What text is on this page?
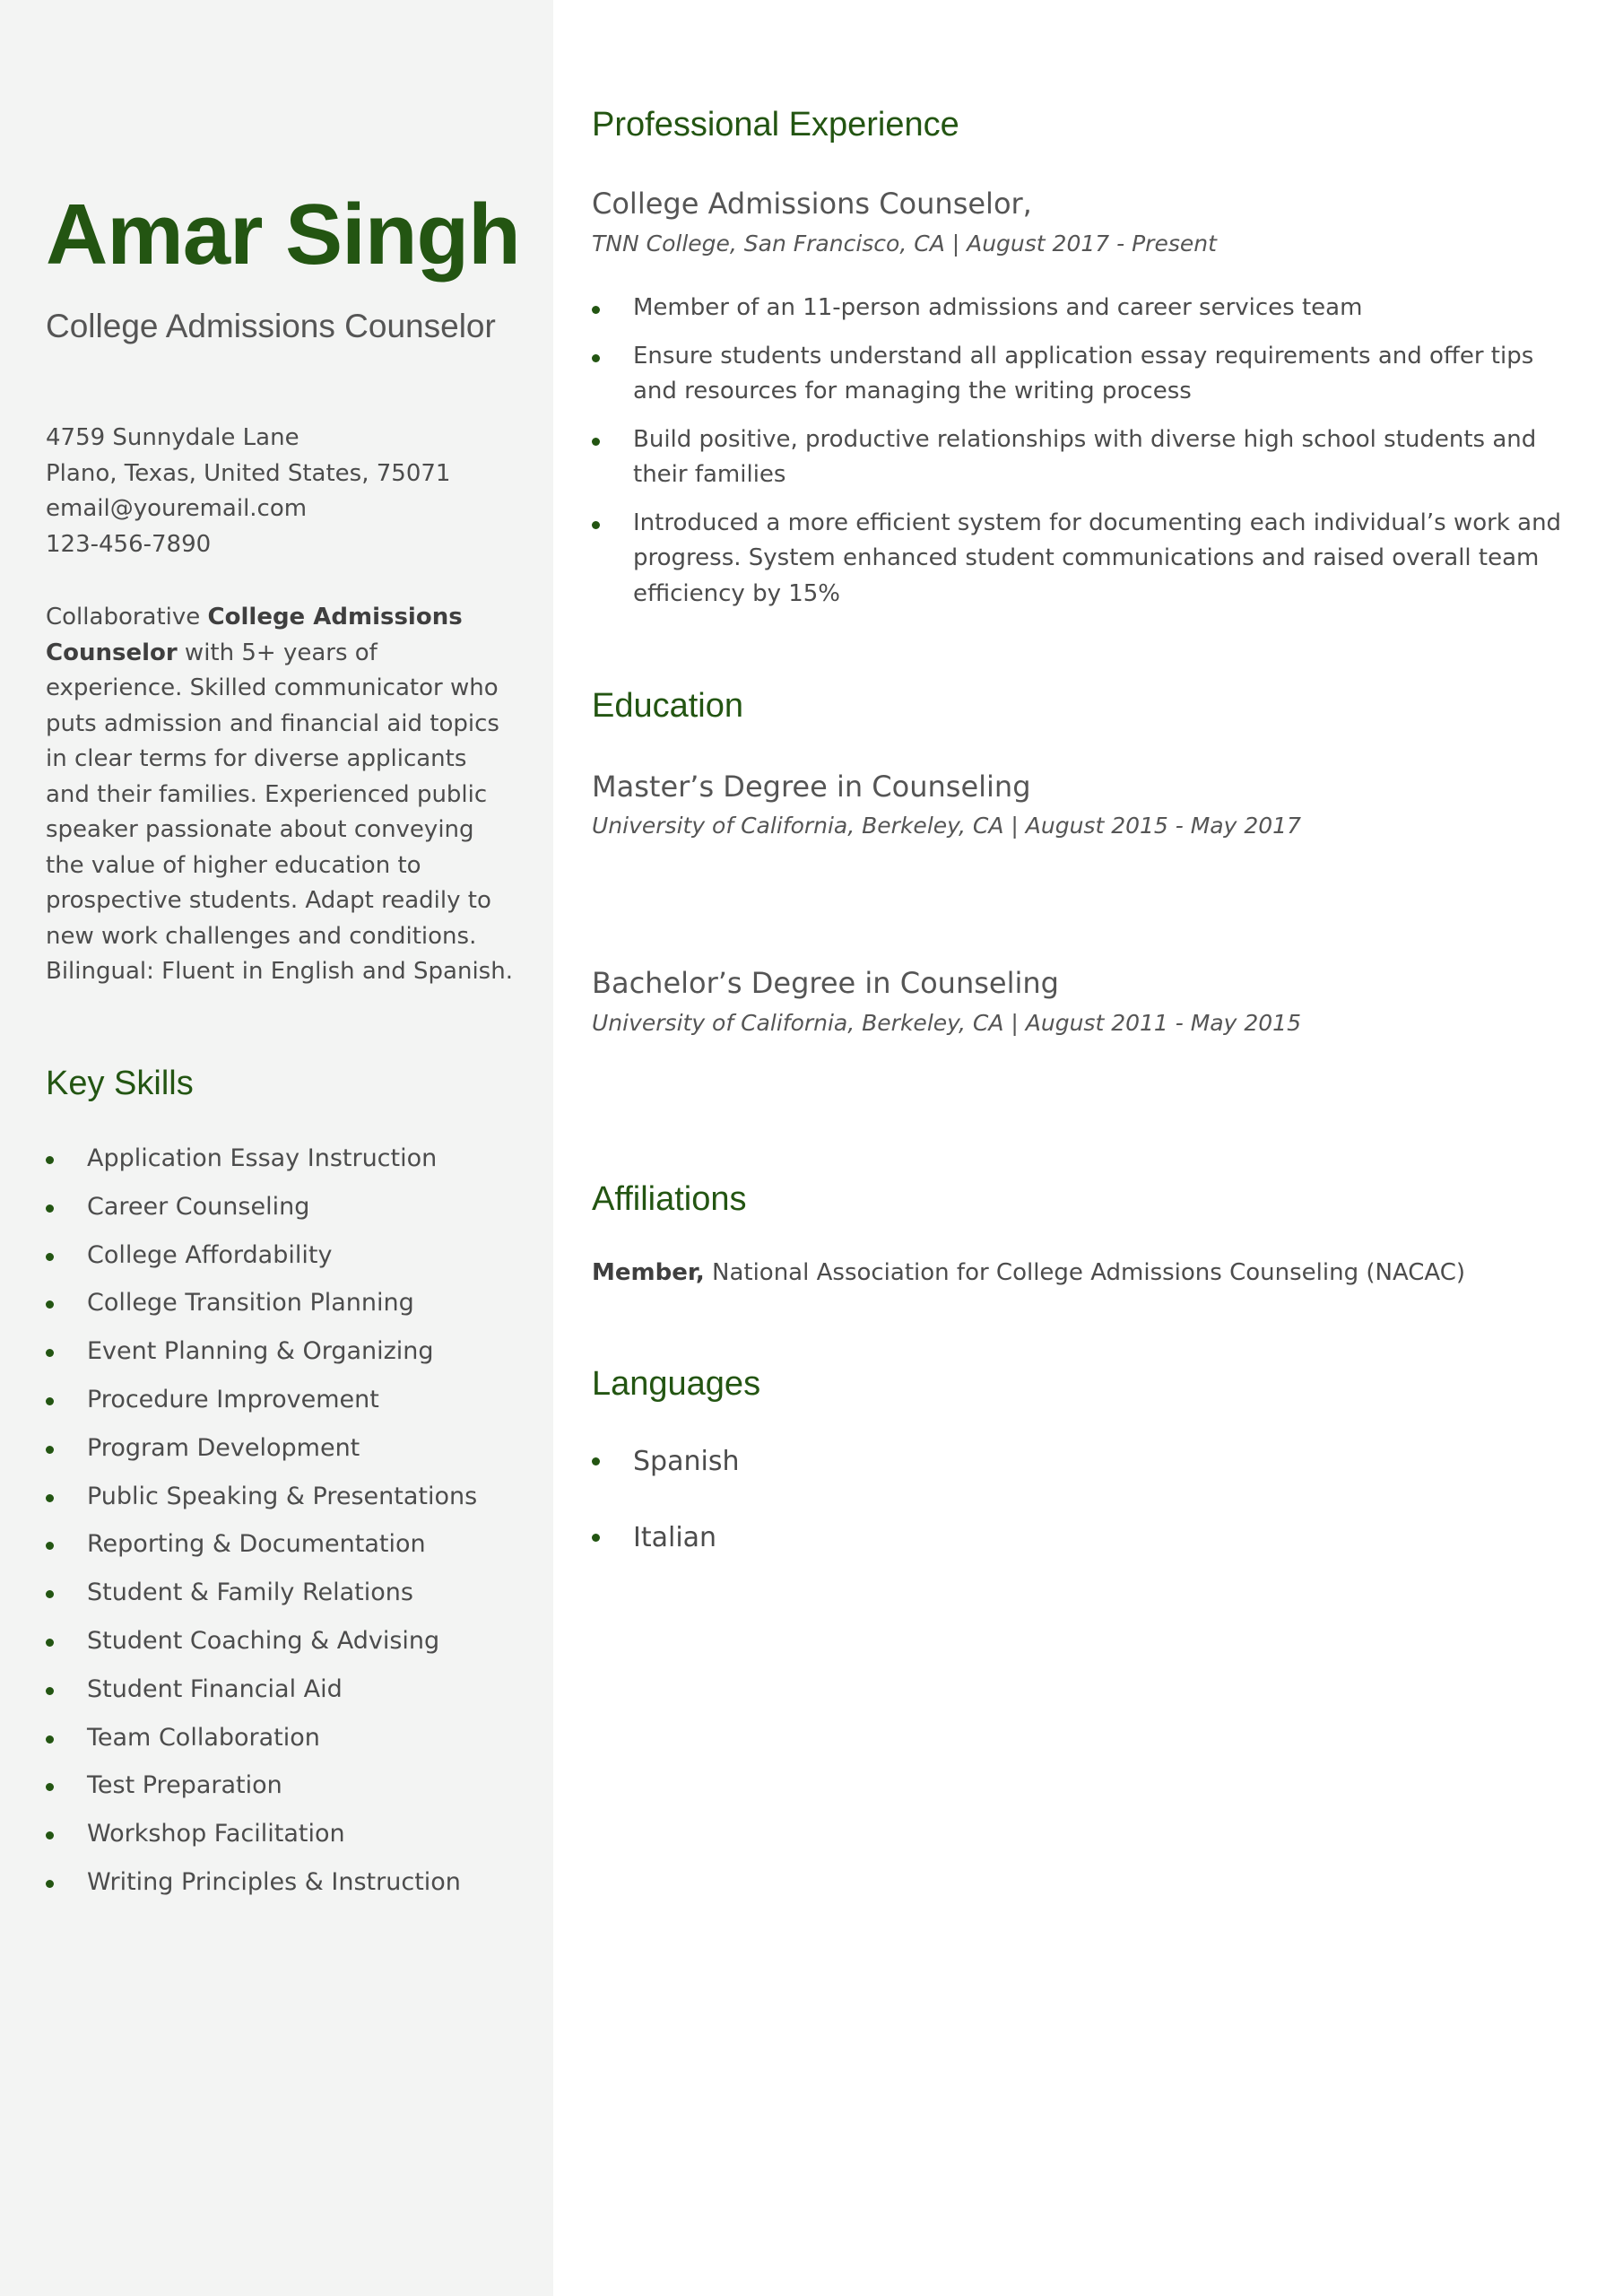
Amar Singh
College Admissions Counselor
4759 Sunnydale Lane
Plano, Texas, United States, 75071
email@youremail.com
123-456-7890

Collaborative College Admissions Counselor with 5+ years of experience. Skilled communicator who puts admission and financial aid topics in clear terms for diverse applicants and their families. Experienced public speaker passionate about conveying the value of higher education to prospective students. Adapt readily to new work challenges and conditions. Bilingual: Fluent in English and Spanish.

Key Skills
Application Essay Instruction
Career Counseling
College Affordability
College Transition Planning
Event Planning & Organizing
Procedure Improvement
Program Development
Public Speaking & Presentations
Reporting & Documentation
Student & Family Relations
Student Coaching & Advising
Student Financial Aid
Team Collaboration
Test Preparation
Workshop Facilitation
Writing Principles & Instruction
Professional Experience
College Admissions Counselor,

TNN College, San Francisco, CA | August 2017 - Present

Member of an 11-person admissions and career services team
Ensure students understand all application essay requirements and offer tips and resources for managing the writing process
Build positive, productive relationships with diverse high school students and their families
Introduced a more efficient system for documenting each individual’s work and progress. System enhanced student communications and raised overall team efficiency by 15%
Education
Master’s Degree in Counseling

University of California, Berkeley, CA | August 2015 - May 2017

Bachelor’s Degree in Counseling

University of California, Berkeley, CA | August 2011 - May 2015

Affiliations

Member, National Association for College Admissions Counseling (NACAC)

Languages
Spanish
Italian
